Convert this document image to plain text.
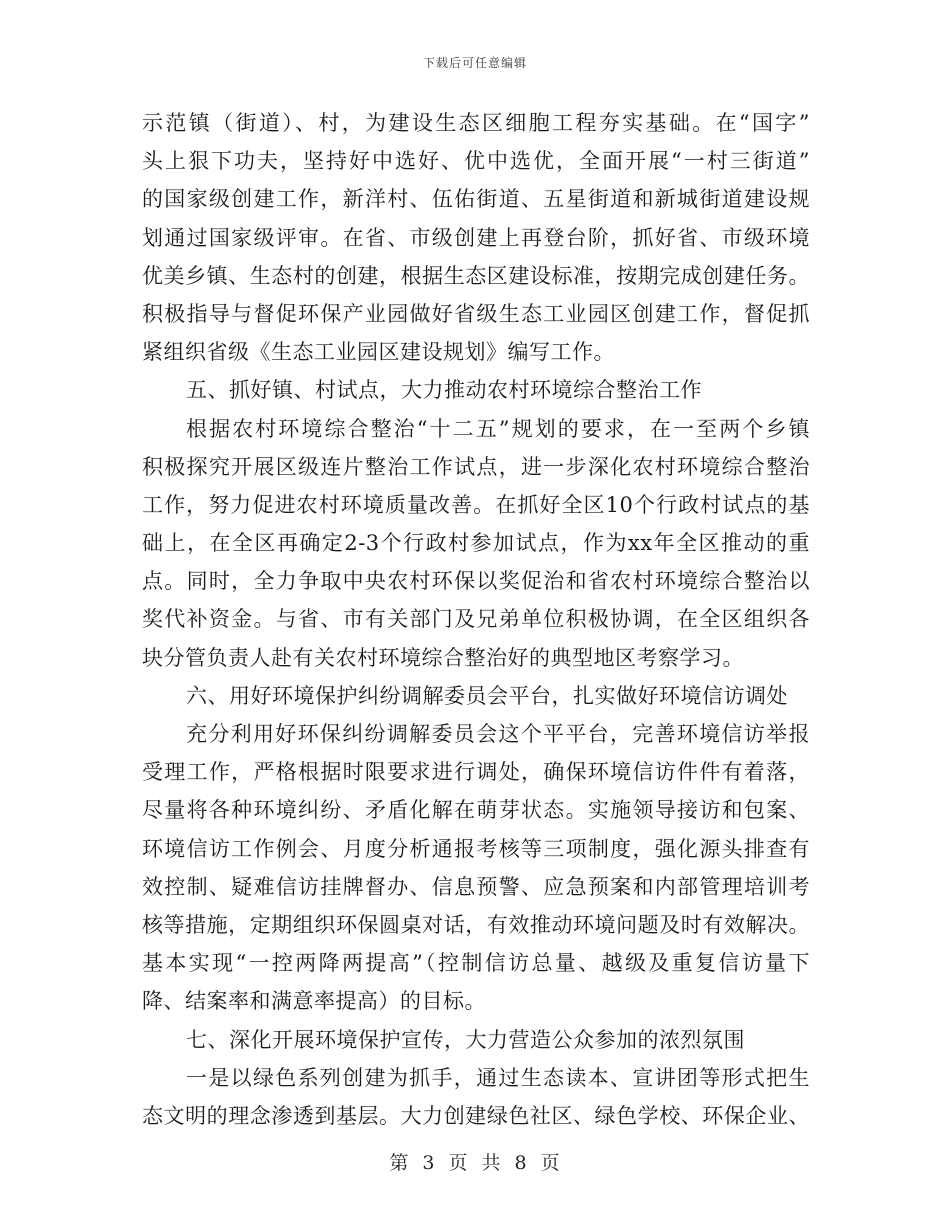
下载后可任意编辑
示范镇（街道）、村，为建设生态区细胞工程夯实基础。在“国字”
头上狠下功夫，坚持好中选好、优中选优，全面开展“一村三街道”
的国家级创建工作，新洋村、伍佑街道、五星街道和新城街道建设规
划通过国家级评审。在省、市级创建上再登台阶，抓好省、市级环境
优美乡镇、生态村的创建，根据生态区建设标准，按期完成创建任务。
积极指导与督促环保产业园做好省级生态工业园区创建工作，督促抓
紧组织省级《生态工业园区建设规划》编写工作。
五、抓好镇、村试点，大力推动农村环境综合整治工作
根据农村环境综合整治“十二五”规划的要求，在一至两个乡镇
积极探究开展区级连片整治工作试点，进一步深化农村环境综合整治
工作，努力促进农村环境质量改善。在抓好全区10个行政村试点的基
础上，在全区再确定2-3个行政村参加试点，作为xx年全区推动的重
点。同时，全力争取中央农村环保以奖促治和省农村环境综合整治以
奖代补资金。与省、市有关部门及兄弟单位积极协调，在全区组织各
块分管负责人赴有关农村环境综合整治好的典型地区考察学习。
六、用好环境保护纠纷调解委员会平台，扎实做好环境信访调处
充分利用好环保纠纷调解委员会这个平平台，完善环境信访举报
受理工作，严格根据时限要求进行调处，确保环境信访件件有着落，
尽量将各种环境纠纷、矛盾化解在萌芽状态。实施领导接访和包案、
环境信访工作例会、月度分析通报考核等三项制度，强化源头排查有
效控制、疑难信访挂牌督办、信息预警、应急预案和内部管理培训考
核等措施，定期组织环保圆桌对话，有效推动环境问题及时有效解决。
基本实现“一控两降两提高”（控制信访总量、越级及重复信访量下
降、结案率和满意率提高）的目标。
七、深化开展环境保护宣传，大力营造公众参加的浓烈氛围
一是以绿色系列创建为抓手，通过生态读本、宣讲团等形式把生
态文明的理念渗透到基层。大力创建绿色社区、绿色学校、环保企业、
第 3 页 共 8 页
